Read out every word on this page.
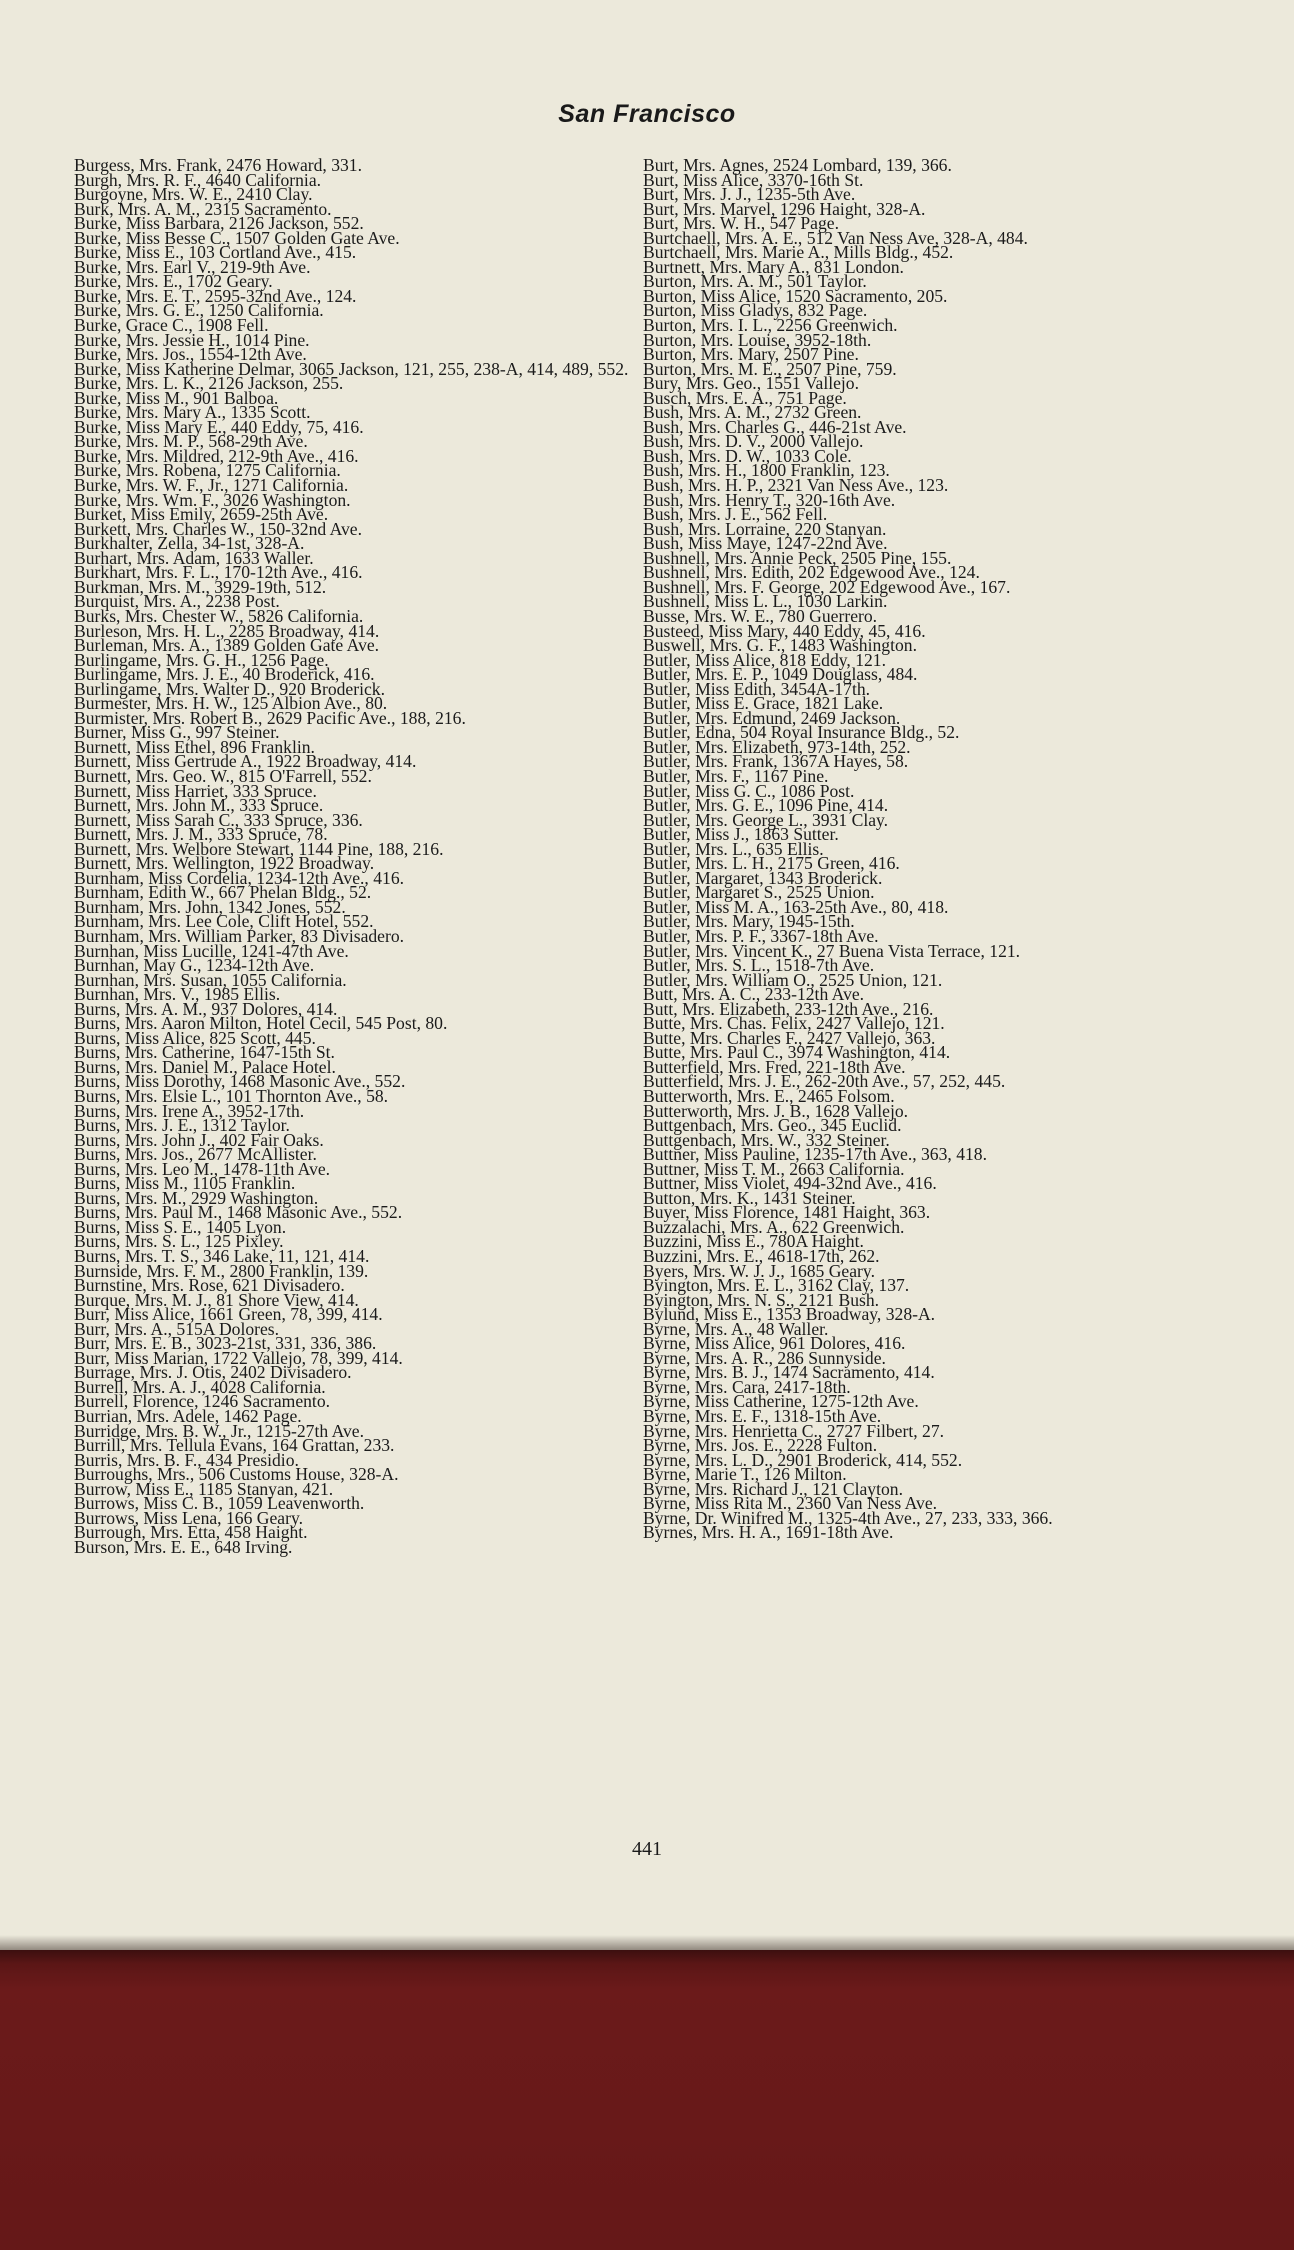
San Francisco
Burgess, Mrs. Frank, 2476 Howard, 331.
Burgh, Mrs. R. F., 4640 California.
Burgoyne, Mrs. W. E., 2410 Clay.
Burk, Mrs. A. M., 2315 Sacramento.
Burke, Miss Barbara, 2126 Jackson, 552.
Burke, Miss Besse C., 1507 Golden Gate Ave.
Burke, Miss E., 103 Cortland Ave., 415.
Burke, Mrs. Earl V., 219-9th Ave.
Burke, Mrs. E., 1702 Geary.
Burke, Mrs. E. T., 2595-32nd Ave., 124.
Burke, Mrs. G. E., 1250 California.
Burke, Grace C., 1908 Fell.
Burke, Mrs. Jessie H., 1014 Pine.
Burke, Mrs. Jos., 1554-12th Ave.
Burke, Miss Katherine Delmar, 3065 Jackson, 121, 255, 238-A, 414, 489, 552.
Burke, Mrs. L. K., 2126 Jackson, 255.
Burke, Miss M., 901 Balboa.
Burke, Mrs. Mary A., 1335 Scott.
Burke, Miss Mary E., 440 Eddy, 75, 416.
Burke, Mrs. M. P., 568-29th Ave.
Burke, Mrs. Mildred, 212-9th Ave., 416.
Burke, Mrs. Robena, 1275 California.
Burke, Mrs. W. F., Jr., 1271 California.
Burke, Mrs. Wm. F., 3026 Washington.
Burket, Miss Emily, 2659-25th Ave.
Burkett, Mrs. Charles W., 150-32nd Ave.
Burkhalter, Zella, 34-1st, 328-A.
Burhart, Mrs. Adam, 1633 Waller.
Burkhart, Mrs. F. L., 170-12th Ave., 416.
Burkman, Mrs. M., 3929-19th, 512.
Burquist, Mrs. A., 2238 Post.
Burks, Mrs. Chester W., 5826 California.
Burleson, Mrs. H. L., 2285 Broadway, 414.
Burleman, Mrs. A., 1389 Golden Gate Ave.
Burlingame, Mrs. G. H., 1256 Page.
Burlingame, Mrs. J. E., 40 Broderick, 416.
Burlingame, Mrs. Walter D., 920 Broderick.
Burmester, Mrs. H. W., 125 Albion Ave., 80.
Burmister, Mrs. Robert B., 2629 Pacific Ave., 188, 216.
Burner, Miss G., 997 Steiner.
Burnett, Miss Ethel, 896 Franklin.
Burnett, Miss Gertrude A., 1922 Broadway, 414.
Burnett, Mrs. Geo. W., 815 O'Farrell, 552.
Burnett, Miss Harriet, 333 Spruce.
Burnett, Mrs. John M., 333 Spruce.
Burnett, Miss Sarah C., 333 Spruce, 336.
Burnett, Mrs. J. M., 333 Spruce, 78.
Burnett, Mrs. Welbore Stewart, 1144 Pine, 188, 216.
Burnett, Mrs. Wellington, 1922 Broadway.
Burnham, Miss Cordelia, 1234-12th Ave., 416.
Burnham, Edith W., 667 Phelan Bldg., 52.
Burnham, Mrs. John, 1342 Jones, 552.
Burnham, Mrs. Lee Cole, Clift Hotel, 552.
Burnham, Mrs. William Parker, 83 Divisadero.
Burnhan, Miss Lucille, 1241-47th Ave.
Burnhan, May G., 1234-12th Ave.
Burnhan, Mrs. Susan, 1055 California.
Burnhan, Mrs. V., 1985 Ellis.
Burns, Mrs. A. M., 937 Dolores, 414.
Burns, Mrs. Aaron Milton, Hotel Cecil, 545 Post, 80.
Burns, Miss Alice, 825 Scott, 445.
Burns, Mrs. Catherine, 1647-15th St.
Burns, Mrs. Daniel M., Palace Hotel.
Burns, Miss Dorothy, 1468 Masonic Ave., 552.
Burns, Mrs. Elsie L., 101 Thornton Ave., 58.
Burns, Mrs. Irene A., 3952-17th.
Burns, Mrs. J. E., 1312 Taylor.
Burns, Mrs. John J., 402 Fair Oaks.
Burns, Mrs. Jos., 2677 McAllister.
Burns, Mrs. Leo M., 1478-11th Ave.
Burns, Miss M., 1105 Franklin.
Burns, Mrs. M., 2929 Washington.
Burns, Mrs. Paul M., 1468 Masonic Ave., 552.
Burns, Miss S. E., 1405 Lyon.
Burns, Mrs. S. L., 125 Pixley.
Burns, Mrs. T. S., 346 Lake, 11, 121, 414.
Burnside, Mrs. F. M., 2800 Franklin, 139.
Burnstine, Mrs. Rose, 621 Divisadero.
Burque, Mrs. M. J., 81 Shore View, 414.
Burr, Miss Alice, 1661 Green, 78, 399, 414.
Burr, Mrs. A., 515A Dolores.
Burr, Mrs. E. B., 3023-21st, 331, 336, 386.
Burr, Miss Marian, 1722 Vallejo, 78, 399, 414.
Burrage, Mrs. J. Otis, 2402 Divisadero.
Burrell, Mrs. A. J., 4028 California.
Burrell, Florence, 1246 Sacramento.
Burrian, Mrs. Adele, 1462 Page.
Burridge, Mrs. B. W., Jr., 1215-27th Ave.
Burrill, Mrs. Tellula Evans, 164 Grattan, 233.
Burris, Mrs. B. F., 434 Presidio.
Burroughs, Mrs., 506 Customs House, 328-A.
Burrow, Miss E., 1185 Stanyan, 421.
Burrows, Miss C. B., 1059 Leavenworth.
Burrows, Miss Lena, 166 Geary.
Burrough, Mrs. Etta, 458 Haight.
Burson, Mrs. E. E., 648 Irving.
Burt, Mrs. Agnes, 2524 Lombard, 139, 366.
Burt, Miss Alice, 3370-16th St.
Burt, Mrs. J. J., 1235-5th Ave.
Burt, Mrs. Marvel, 1296 Haight, 328-A.
Burt, Mrs. W. H., 547 Page.
Burtchaell, Mrs. A. E., 512 Van Ness Ave, 328-A, 484.
Burtchaell, Mrs. Marie A., Mills Bldg., 452.
Burtnett, Mrs. Mary A., 831 London.
Burton, Mrs. A. M., 501 Taylor.
Burton, Miss Alice, 1520 Sacramento, 205.
Burton, Miss Gladys, 832 Page.
Burton, Mrs. I. L., 2256 Greenwich.
Burton, Mrs. Louise, 3952-18th.
Burton, Mrs. Mary, 2507 Pine.
Burton, Mrs. M. E., 2507 Pine, 759.
Bury, Mrs. Geo., 1551 Vallejo.
Busch, Mrs. E. A., 751 Page.
Bush, Mrs. A. M., 2732 Green.
Bush, Mrs. Charles G., 446-21st Ave.
Bush, Mrs. D. V., 2000 Vallejo.
Bush, Mrs. D. W., 1033 Cole.
Bush, Mrs. H., 1800 Franklin, 123.
Bush, Mrs. H. P., 2321 Van Ness Ave., 123.
Bush, Mrs. Henry T., 320-16th Ave.
Bush, Mrs. J. E., 562 Fell.
Bush, Mrs. Lorraine, 220 Stanyan.
Bush, Miss Maye, 1247-22nd Ave.
Bushnell, Mrs. Annie Peck, 2505 Pine, 155.
Bushnell, Mrs. Edith, 202 Edgewood Ave., 124.
Bushnell, Mrs. F. George, 202 Edgewood Ave., 167.
Bushnell, Miss L. L., 1030 Larkin.
Busse, Mrs. W. E., 780 Guerrero.
Busteed, Miss Mary, 440 Eddy, 45, 416.
Buswell, Mrs. G. F., 1483 Washington.
Butler, Miss Alice, 818 Eddy, 121.
Butler, Mrs. E. P., 1049 Douglass, 484.
Butler, Miss Edith, 3454A-17th.
Butler, Miss E. Grace, 1821 Lake.
Butler, Mrs. Edmund, 2469 Jackson.
Butler, Edna, 504 Royal Insurance Bldg., 52.
Butler, Mrs. Elizabeth, 973-14th, 252.
Butler, Mrs. Frank, 1367A Hayes, 58.
Butler, Mrs. F., 1167 Pine.
Butler, Miss G. C., 1086 Post.
Butler, Mrs. G. E., 1096 Pine, 414.
Butler, Mrs. George L., 3931 Clay.
Butler, Miss J., 1863 Sutter.
Butler, Mrs. L., 635 Ellis.
Butler, Mrs. L. H., 2175 Green, 416.
Butler, Margaret, 1343 Broderick.
Butler, Margaret S., 2525 Union.
Butler, Miss M. A., 163-25th Ave., 80, 418.
Butler, Mrs. Mary, 1945-15th.
Butler, Mrs. P. F., 3367-18th Ave.
Butler, Mrs. Vincent K., 27 Buena Vista Terrace, 121.
Butler, Mrs. S. L., 1518-7th Ave.
Butler, Mrs. William O., 2525 Union, 121.
Butt, Mrs. A. C., 233-12th Ave.
Butt, Mrs. Elizabeth, 233-12th Ave., 216.
Butte, Mrs. Chas. Felix, 2427 Vallejo, 121.
Butte, Mrs. Charles F., 2427 Vallejo, 363.
Butte, Mrs. Paul C., 3974 Washington, 414.
Butterfield, Mrs. Fred, 221-18th Ave.
Butterfield, Mrs. J. E., 262-20th Ave., 57, 252, 445.
Butterworth, Mrs. E., 2465 Folsom.
Butterworth, Mrs. J. B., 1628 Vallejo.
Buttgenbach, Mrs. Geo., 345 Euclid.
Buttgenbach, Mrs. W., 332 Steiner.
Buttner, Miss Pauline, 1235-17th Ave., 363, 418.
Buttner, Miss T. M., 2663 California.
Buttner, Miss Violet, 494-32nd Ave., 416.
Button, Mrs. K., 1431 Steiner.
Buyer, Miss Florence, 1481 Haight, 363.
Buzzalachi, Mrs. A., 622 Greenwich.
Buzzini, Miss E., 780A Haight.
Buzzini, Mrs. E., 4618-17th, 262.
Byers, Mrs. W. J. J., 1685 Geary.
Byington, Mrs. E. L., 3162 Clay, 137.
Byington, Mrs. N. S., 2121 Bush.
Bylund, Miss E., 1353 Broadway, 328-A.
Byrne, Mrs. A., 48 Waller.
Byrne, Miss Alice, 961 Dolores, 416.
Byrne, Mrs. A. R., 286 Sunnyside.
Byrne, Mrs. B. J., 1474 Sacramento, 414.
Byrne, Mrs. Cara, 2417-18th.
Byrne, Miss Catherine, 1275-12th Ave.
Byrne, Mrs. E. F., 1318-15th Ave.
Byrne, Mrs. Henrietta C., 2727 Filbert, 27.
Byrne, Mrs. Jos. E., 2228 Fulton.
Byrne, Mrs. L. D., 2901 Broderick, 414, 552.
Byrne, Marie T., 126 Milton.
Byrne, Mrs. Richard J., 121 Clayton.
Byrne, Miss Rita M., 2360 Van Ness Ave.
Byrne, Dr. Winifred M., 1325-4th Ave., 27, 233, 333, 366.
Byrnes, Mrs. H. A., 1691-18th Ave.
441
